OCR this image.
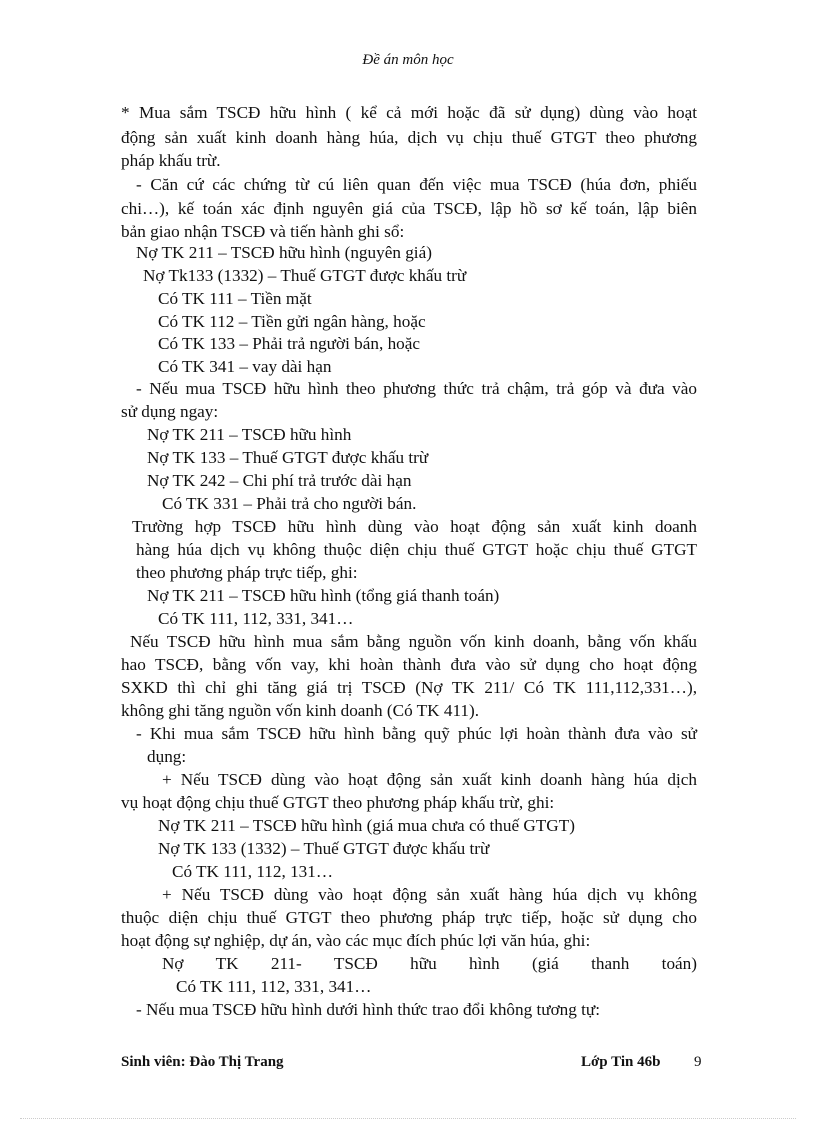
Đề án môn học
* Mua sắm TSCĐ hữu hình ( kể cả mới hoặc đã sử dụng) dùng vào hoạt
động sản xuất kinh doanh hàng húa, dịch vụ chịu thuế GTGT theo phương
pháp khấu trừ.
- Căn cứ các chứng từ cú liên quan đến việc mua TSCĐ (húa đơn, phiếu
chi…), kế toán xác định nguyên giá của TSCĐ, lập hồ sơ kế toán, lập biên
bản giao nhận TSCĐ và tiến hành ghi sổ:
Nợ TK 211 – TSCĐ hữu hình (nguyên giá)
Nợ Tk133 (1332) – Thuế GTGT được khấu trừ
Có TK 111 – Tiền mặt
Có TK 112 – Tiền gửi ngân hàng, hoặc
Có TK 133 – Phải trả người bán, hoặc
Có TK 341 – vay dài hạn
- Nếu mua TSCĐ hữu hình theo phương thức trả chậm, trả góp và đưa vào
sử dụng ngay:
Nợ TK 211 – TSCĐ hữu hình
Nợ TK 133 – Thuế GTGT được khấu trừ
Nợ TK 242 – Chi phí trả trước dài hạn
Có TK 331 – Phải trả cho người bán.
Trường hợp TSCĐ hữu hình dùng vào hoạt động sản xuất kinh doanh
hàng húa dịch vụ không thuộc diện chịu thuế GTGT hoặc chịu thuế GTGT
theo phương pháp trực tiếp, ghi:
Nợ TK 211 – TSCĐ hữu hình (tổng giá thanh toán)
Có TK 111, 112, 331, 341…
Nếu TSCĐ hữu hình mua sắm bằng nguồn vốn kinh doanh, bằng vốn khấu
hao TSCĐ, bằng vốn vay, khi hoàn thành đưa vào sử dụng cho hoạt động
SXKD thì chỉ ghi tăng giá trị TSCĐ (Nợ TK 211/ Có TK 111,112,331…),
không ghi tăng nguồn vốn kinh doanh (Có TK 411).
- Khi mua sắm TSCĐ hữu hình bằng quỹ phúc lợi hoàn thành đưa vào sử
dụng:
+ Nếu TSCĐ dùng vào hoạt động sản xuất kinh doanh hàng húa dịch
vụ hoạt động chịu thuế GTGT theo phương pháp khấu trừ, ghi:
Nợ TK 211 – TSCĐ hữu hình (giá mua chưa có thuế GTGT)
Nợ TK 133 (1332) – Thuế GTGT được khấu trừ
Có TK 111, 112, 131…
+ Nếu TSCĐ dùng vào hoạt động sản xuất hàng húa dịch vụ không
thuộc diện chịu thuế GTGT theo phương pháp trực tiếp, hoặc sử dụng cho
hoạt động sự nghiệp, dự án, vào các mục đích phúc lợi văn húa, ghi:
Nợ TK 211- TSCĐ hữu hình (giá thanh toán)
Có TK 111, 112, 331, 341…
- Nếu mua TSCĐ hữu hình dưới hình thức trao đổi không tương tự:
Sinh viên: Đào Thị Trang	Lớp Tin 46b 9
